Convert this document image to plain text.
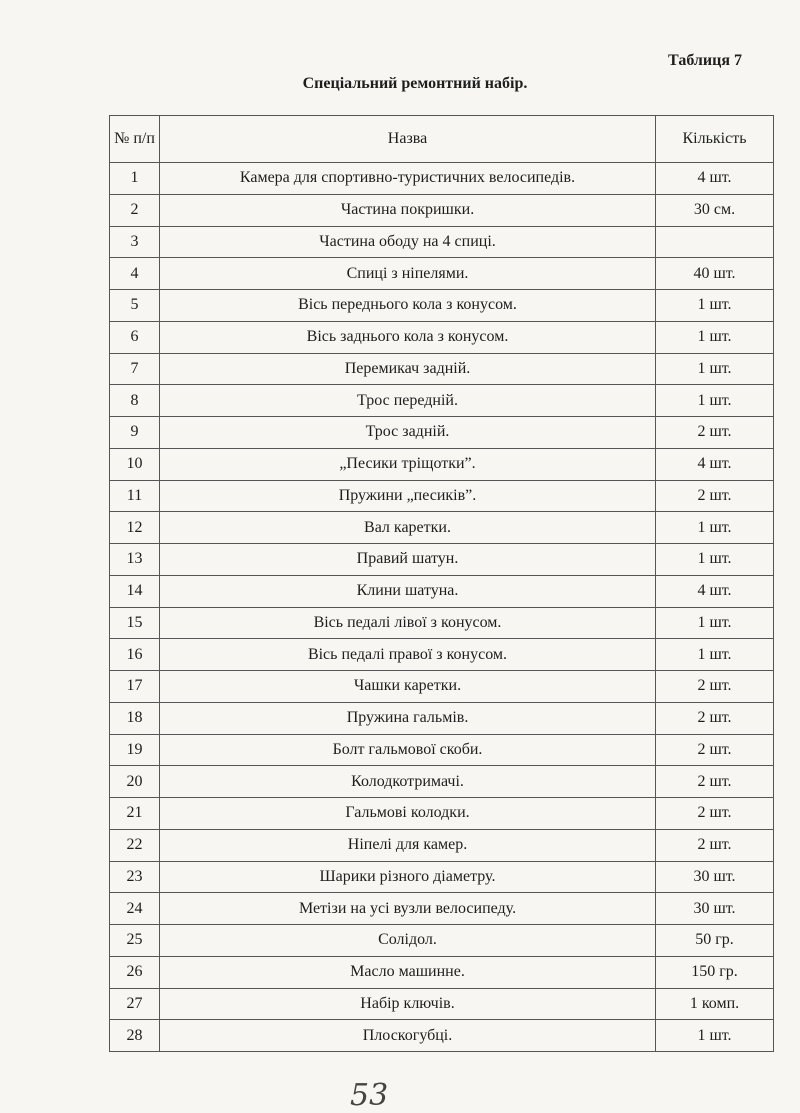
Таблиця 7
Спеціальний ремонтний набір.
№ п/п	Назва	Кількість
1	Камера для спортивно-туристичних велосипедів.	4 шт.
2	Частина покришки.	30 см.
3	Частина ободу на 4 спиці.	
4	Спиці з ніпелями.	40 шт.
5	Вісь переднього кола з конусом.	1 шт.
6	Вісь заднього кола з конусом.	1 шт.
7	Перемикач задній.	1 шт.
8	Трос передній.	1 шт.
9	Трос задній.	2 шт.
10	„Песики тріщотки”.	4 шт.
11	Пружини „песиків”.	2 шт.
12	Вал каретки.	1 шт.
13	Правий шатун.	1 шт.
14	Клини шатуна.	4 шт.
15	Вісь педалі лівої з конусом.	1 шт.
16	Вісь педалі правої з конусом.	1 шт.
17	Чашки каретки.	2 шт.
18	Пружина гальмів.	2 шт.
19	Болт гальмової скоби.	2 шт.
20	Колодкотримачі.	2 шт.
21	Гальмові колодки.	2 шт.
22	Ніпелі для камер.	2 шт.
23	Шарики різного діаметру.	30 шт.
24	Метізи на усі вузли велосипеду.	30 шт.
25	Солідол.	50 гр.
26	Масло машинне.	150 гр.
27	Набір ключів.	1 комп.
28	Плоскогубці.	1 шт.
53
